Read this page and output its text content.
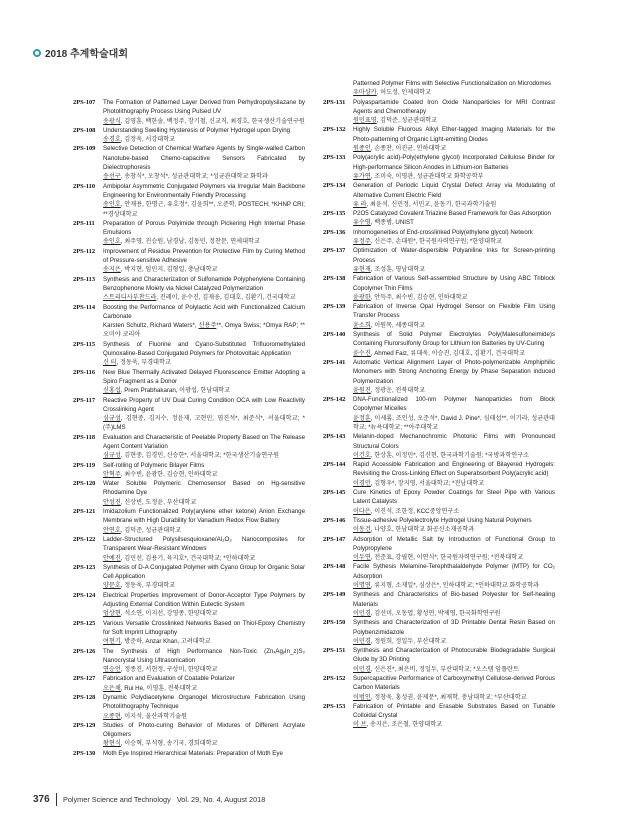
2018 추계학술대회
2PS-107	The Formation of Patterned Layer Derived from Perhydropolysilazane by Photolithography Process Using Pulsed UV
송광식, 김영훈, 백한솔, 백정주, 장기철, 신교직, 최경호, 한국생산기술연구원
2PS-108	Understanding Swelling Hysteresis of Polymer Hydrogel upon Drying
송경호, 김정욱, 서강대학교
2PS-109	Selective Detection of Chemical Warfare Agents by Single-walled Carbon Nanotube-based Chemo-capacitive Sensors Fabricated by Dielectrophoresis
송선구, 송창식*, 오창석*, 성균관대학교; *성균관대학교 화학과
2PS-110	Ambipolar Asymmetric Conjugated Polymers via Irregular Main Backbone Engineering for Environmentally Friendly Processing
송인호, 안재용, 한명근, 유호정*, 김윤희**, 오준학, POSTECH; *KHNP CRI; **경상대학교
2PS-111	Preparation of Porous Polyimide through Pickering High Internal Phase Emulsions
송인호, 최주영, 진승원, 남경남, 김동민, 정찬문, 연세대학교
2PS-112	Improvement of Residue Prevention for Protective Film by Curing Method of Pressure-sensitive Adhesive
송지은, 박지현, 임민지, 김형일, 충남대학교
2PS-113	Synthesis and Characterization of Sulfonamide Polyphenylene Containing Benzophenone Moiety via Nickel Catalyzed Polymerization
스트리디사부찬드라, 진레이, 윤수진, 김재웅, 김대호, 김환기, 건국대학교
2PS-114	Boosting the Performance of Polylactic Acid with Functionalized Calcium Carbonate
Karsten Schultz, Richard Waters*, 신용주**, Omya Swiss; *Omya RAP; **오미야 코리아
2PS-115	Synthesis of Fluorine and Cyano-Substituted Trifluoromethylated Quinoxaline-Based Conjugated Polymers for Photovoltaic Application
신 티, 정동욱, 부경대학교
2PS-116	New Blue Thermally Activated Delayed Fluorescence Emitter Adopting a Spiro Fragment as a Donor
신홍섭, Prem Prabhakaran, 이광섭, 한남대학교
2PS-117	Reactive Property of UV Dual Curing Condition OCA with Low Reactivity Crosslinking Agent
심규성, 김현중, 김지수, 정윤재, 고현민, 염진석*, 최준식*, 서울대학교; *(주)LMS
2PS-118	Evaluation and Characteristic of Peelable Property Based on The Release Agent Content Variation
심규성, 김현중, 김경민, 신승한*, 서울대학교; *한국생산기술연구원
2PS-119	Self-rolling of Polymeric Bilayer Films
안혁주, 최수빈, 윤광한, 김승현, 인하대학교
2PS-120	Water Soluble Polymeric Chemosensor Based on Hg-sensitive Rhodamine Dye
안성진, 신상빈, 도정윤, 부산대학교
2PS-121	Imidazolium Functionalized Poly(arylene ether ketone) Anion Exchange Membrane with High Durability for Vanadium Redox Flow Battery
안연호, 김덕준, 성균관대학교
2PS-122	Ladder-Structured Polysilsesquioxane/Al₂O₃ Nanocomposites for Transparent Wear-Resistant Windows
안예진, 김민선, 김용기, 육지호*, 건국대학교; *인하대학교
2PS-123	Synthesis of D-A Conjugated Polymer with Cyano Group for Organic Solar Cell Application
양문호, 정동욱, 부경대학교
2PS-124	Electrical Properties Improvement of Donor-Acceptor Type Polymers by Adjusting External Condition Within Eutectic System
엄상현, 석소연, 이지선, 강영종, 한양대학교
2PS-125	Various Versatile Crosslinked Networks Based on Thiol-Epoxy Chemistry for Soft Imprint Lithography
여현기, 방준하, Anzar Khan, 고려대학교
2PS-126	The Synthesis of High Performance Non-Toxic (ZnₓAgᵧIn_z)S₂ Nanocrystal Using Ultrasonication
연승언, 정종진, 서현정, 구상미, 한양대학교
2PS-127	Fabrication and Evaluation of Coatable Polarizer
오은채, Rui He, 이영훈, 전북대학교
2PS-128	Dynamic Polydiacetylene Organogel Microstructure Fabrication Using Photolithography Technique
오종현, 이지석, 울산과학기술원
2PS-129	Studies of Photo-curing Behavior of Mixtures of Different Acrylate Oligomers
왕현식, 이승혁, 부석형, 송기국, 경희대학교
2PS-130	Moth Eye Inspired Hierarchical Materials: Preparation of Moth Eye
Patterned Polymer Films with Selective Functionalization on Microdomes
우마샹카, 허도성, 인제대학교
2PS-131	Polyaspartamide Coated Iron Oxide Nanoparticles for MRI Contrast Agents and Chemotherapy
원민표영, 김덕준, 성균관대학교
2PS-132	Highly Soluble Fluorous Alkyl Ether-tagged Imaging Materials for the Photo-patterning of Organic Light-emitting Diodes
원종인, 손종찬, 이진균, 인하대학교
2PS-133	Poly(acrylic acid)-Poly(ethylene glycol) Incorporated Cellulose Binder for High-performance Silicon Anodes in Lithium-ion Batteries
유가연, 조미숙, 이영관, 성균관대학교 화학공학부
2PS-134	Generation of Periodic Liquid Crystal Defect Array via Modulating of Alternative Current Electric Field
유 라, 최윤석, 신민정, 서민교, 윤동기, 한국과학기술원
2PS-135	P2O5 Catalyzed Covalent Triazine Based Framework for Gas Adsorption
유수영, 백종범, UNIST
2PS-136	Inhomogeneities of End-crosslinked Poly(ethylene glycol) Network
유정주, 신은주, 손대원*, 한국원자력연구원; *한양대학교
2PS-137	Optimization of Water-dispersible Polyaniline Inks for Screen-printing Process
유현재, 조성훈, 영남대학교
2PS-138	Fabrication of Various Self-assembled Structure by Using ABC Triblock Copolymer Thin Films
윤광한, 안득주, 최수빈, 김승현, 인하대학교
2PS-139	Fabrication of Inverse Opal Hydrogel Sensor on Flexible Film Using Transfer Process
윤소희, 이원목, 세종대학교
2PS-140	Synthesis of Solid Polymer Electrolytes Poly(Malesulfoneimide)s Containing Flurorsulfonly Group for Lithium Ion Batteries by UV-Curing
윤수진, Ahmed Faiz, 류대욱, 이승진, 김대호, 김환기, 건국대학교
2PS-141	Automatic Vertical Alignment Layer of Photo-polymerizable Amphiphilic Monomers with Strong Anchoring Energy by Phase Separation induced Polymerization
윤원진, 정광운, 전북대학교
2PS-142	DNA-Functionalized 100-nm Polymer Nanoparticles from Block Copolymer Micelles
윤정훈, 이세롬, 조인성, 오준석*, David J. Pine*, 심태섭**, 이기라, 성균관대학교; *뉴욕대학교; **아주대학교
2PS-143	Melanin-doped Mechanochromic Photonic Films with Pronounced Structural Colors
이건호, 한상훈, 이정민*, 김신현, 한국과학기술원; *국방과학연구소
2PS-144	Rapid Accessible Fabrication and Engineering of Bilayered Hydrogels: Revisiting the Cross-Linking Effect on Superabsorbent Poly(acrylic acid)
이경민, 김형우*, 장지영, 서울대학교; *전남대학교
2PS-145	Cure Kinetics of Epoxy Powder Coatings for Steel Pipe with Various Latent Catalysts
이다은, 이진석, 조한정, KCC중앙연구소
2PS-146	Tissue-adhesive Polyelectrolyte Hydrogel Using Natural Polymers
이동건, 나양호, 한남대학교 화공신소재공학과
2PS-147	Adsorption of Metallic Salt by Introduction of Functional Group to Polypropylene
이두연, 전준표, 강필현, 이연식*, 한국원자력연구원; *전북대학교
2PS-148	Facile Sythesis Melamine-Terephthalaldehyde Polymer (MTP) for CO₂ Adsorption
이명연, 류지형, 소재일*, 심상은*, 인하대학교; *인하대학교 화학공학과
2PS-149	Synthesis and Characteristics of Bio-based Polyester for Self-healing Materials
이민경, 김선미, 오동엽, 황성연, 박제영, 한국화학연구원
2PS-150	Synthesis and Characterization of 3D Printable Dental Resin Based on Polybenzimidazole
이민경, 정원희, 정일두, 부산대학교
2PS-151	Synthesis and Characterization of Photocurable Biodegradable Surgical Glude by 3D Printing
이민경, 신은진*, 최은비, 정일두, 부산대학교; *오스템 임플란트
2PS-152	Supercapacitive Performance of Carboxymethyl Cellulose-derived Porous Carbon Materials
이범인, 정창욱, 홍성권, 윤제문*, 최재학, 충남대학교; *부산대학교
2PS-153	Fabrication of Printable and Erasable Substrates Based on Tunable Colloidal Crystal
이 브, 송지은, 조은철, 한양대학교
376 Polymer Science and Technology   Vol. 29, No. 4, August 2018
